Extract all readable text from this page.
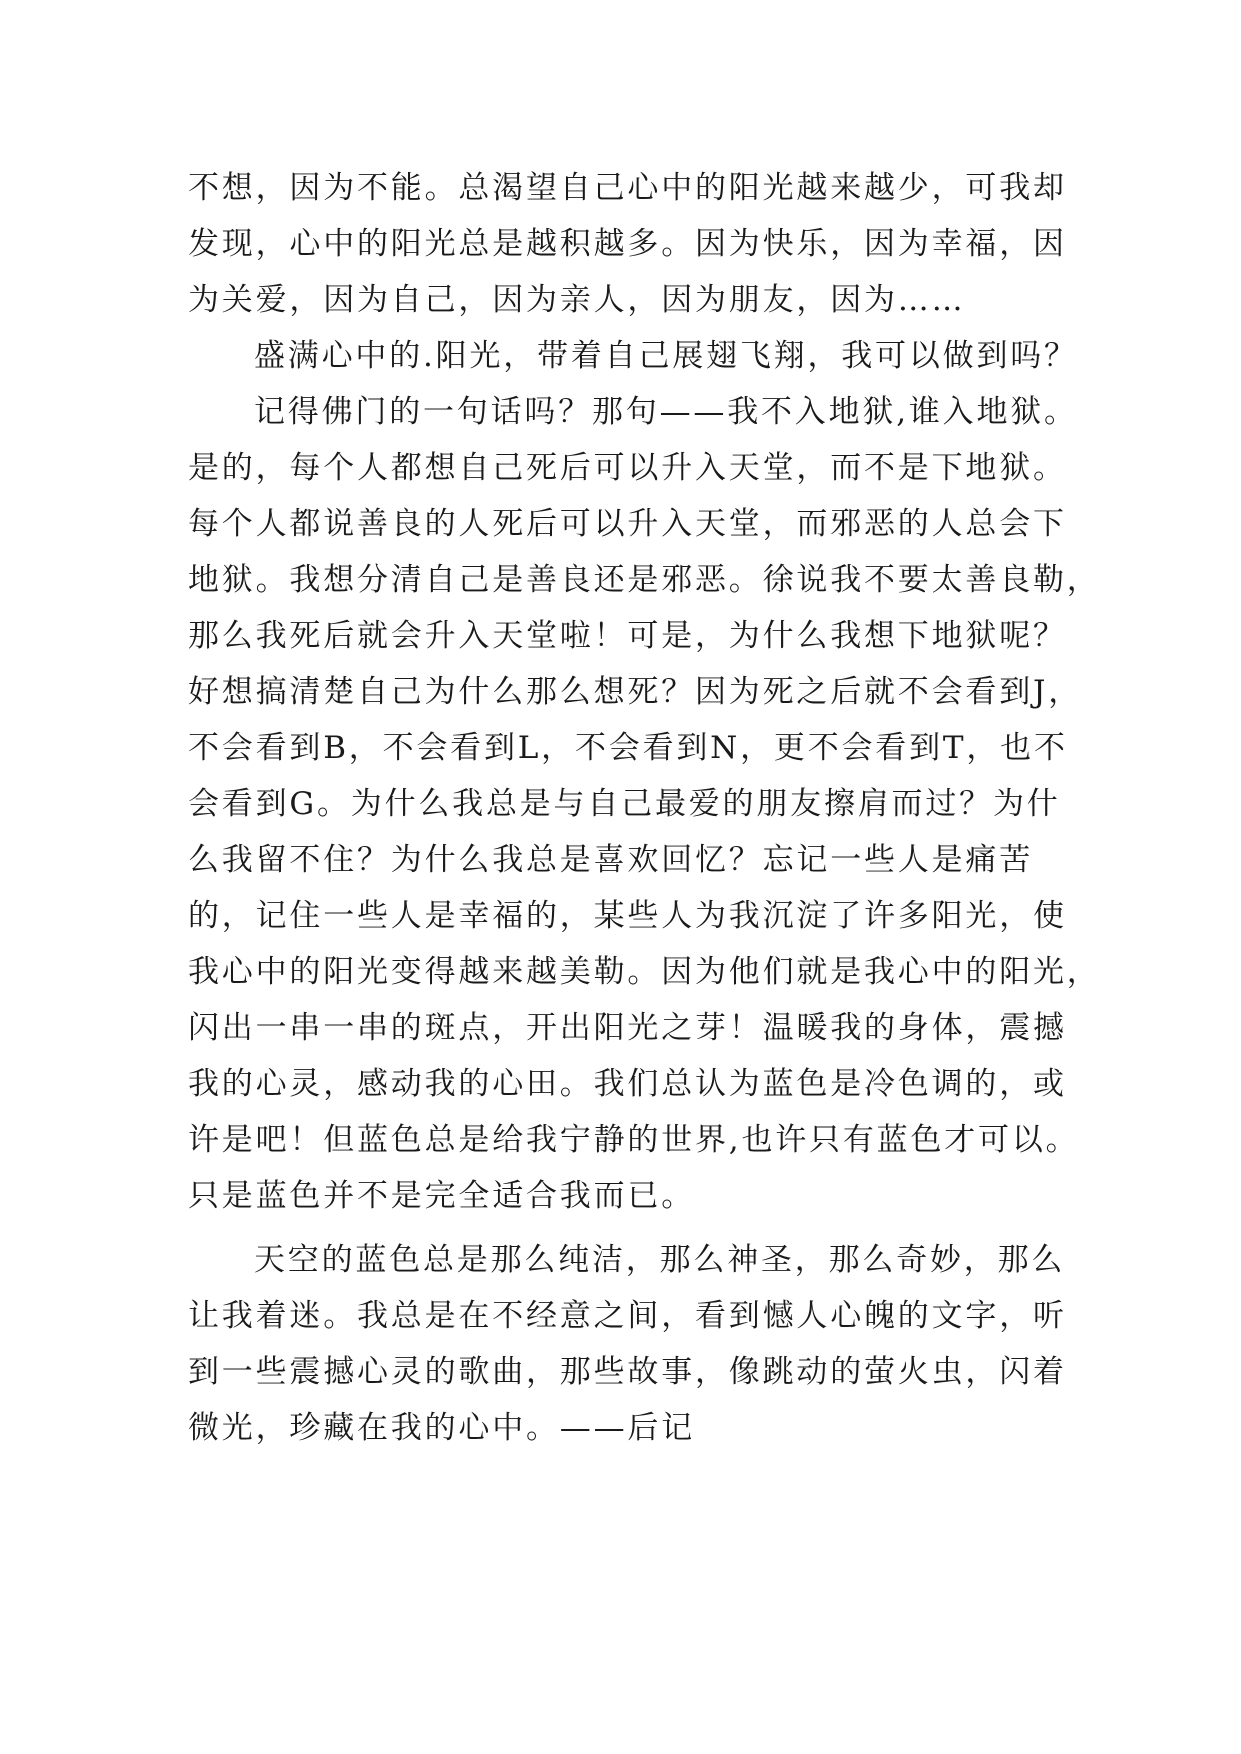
不想，因为不能。总渴望自己心中的阳光越来越少，可我却
发现，心中的阳光总是越积越多。因为快乐，因为幸福，因
为关爱，因为自己，因为亲人，因为朋友，因为……
盛满心中的.阳光，带着自己展翅飞翔，我可以做到吗？
记得佛门的一句话吗？那句——我不入地狱,谁入地狱。
是的，每个人都想自己死后可以升入天堂，而不是下地狱。
每个人都说善良的人死后可以升入天堂，而邪恶的人总会下
地狱。我想分清自己是善良还是邪恶。徐说我不要太善良勒，
那么我死后就会升入天堂啦！可是，为什么我想下地狱呢？
好想搞清楚自己为什么那么想死？因为死之后就不会看到J，
不会看到B，不会看到L，不会看到N，更不会看到T，也不
会看到G。为什么我总是与自己最爱的朋友擦肩而过？为什
么我留不住？为什么我总是喜欢回忆？忘记一些人是痛苦
的，记住一些人是幸福的，某些人为我沉淀了许多阳光，使
我心中的阳光变得越来越美勒。因为他们就是我心中的阳光，
闪出一串一串的斑点，开出阳光之芽！温暖我的身体，震撼
我的心灵，感动我的心田。我们总认为蓝色是冷色调的，或
许是吧！但蓝色总是给我宁静的世界,也许只有蓝色才可以。
只是蓝色并不是完全适合我而已。
天空的蓝色总是那么纯洁，那么神圣，那么奇妙，那么
让我着迷。我总是在不经意之间，看到憾人心魄的文字，听
到一些震撼心灵的歌曲，那些故事，像跳动的萤火虫，闪着
微光，珍藏在我的心中。——后记
